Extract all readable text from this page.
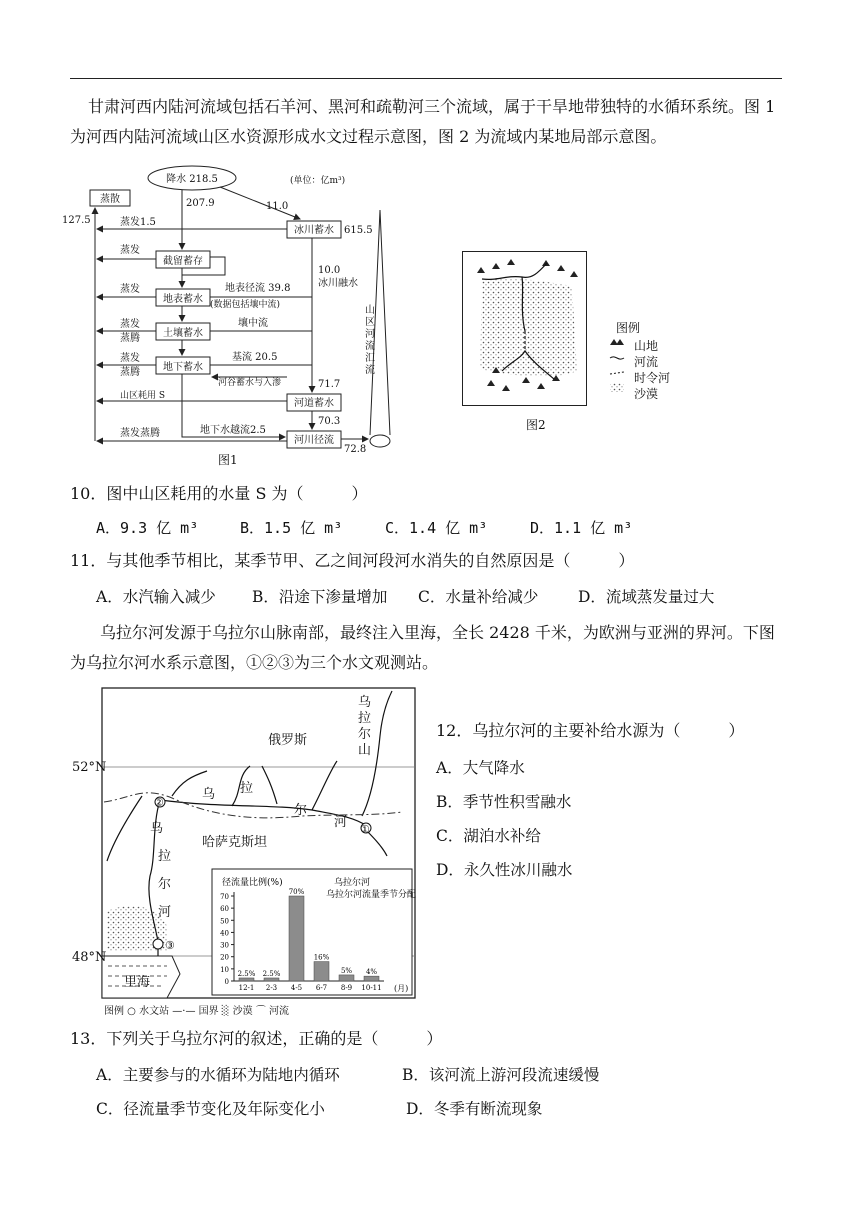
甘肃河西内陆河流域包括石羊河、黑河和疏勒河三个流域，属于干旱地带独特的水循环系统。图 1 为河西内陆河流域山区水资源形成水文过程示意图，图 2 为流域内某地局部示意图。
降水 218.5
蒸散
127.5
207.9	11.0
(单位：亿m³)
冰川蓄水 615.5
蒸发1.5
蒸发
截留蓄存
蒸发
地表蓄水
地表径流 39.8
(数据包括壤中流)
10.0
冰川融水
蒸发
蒸腾 土壤蓄水
壤中流
蒸发
蒸腾 地下蓄水
基流 20.5
河谷蓄水与入渗	71.7
山区耗用 S
河道蓄水
70.3
蒸发蒸腾	地下水越流2.5
河川径流
72.8
山
区
河
流
汇
流
图1
图例
山地
河流
时令河
沙漠
图2
10．图中山区耗用的水量 S 为（　　　）
A．9.3 亿 m³	B．1.5 亿 m³	C．1.4 亿 m³	D．1.1 亿 m³
11．与其他季节相比，某季节甲、乙之间河段河水消失的自然原因是（　　　）
A．水汽输入减少 B．沿途下渗量增加 C．水量补给减少	D．流域蒸发量过大
乌拉尔河发源于乌拉尔山脉南部，最终注入里海，全长 2428 千米，为欧洲与亚洲的界河。下图为乌拉尔河水系示意图，①②③为三个水文观测站。
52°N
48°N
俄罗斯
哈萨克斯坦
里海
乌
拉
尔
山
乌 拉
尔
河
乌
拉
尔
河
①
②
③
图例 ○ 水文站 —·— 国界 ░ 沙漠 ⌒ 河流
0
10
20
30
40
50
60
70
2.5%
12-1
2.5%
2-3
70%
4-5
16%
6-7
5%
8-9
4%
10-11
径流量比例(%)	乌拉尔河
乌拉尔河流量季节分配
(月)
12．乌拉尔河的主要补给水源为（　　　）
A．大气降水
B．季节性积雪融水
C．湖泊水补给
D．永久性冰川融水
13．下列关于乌拉尔河的叙述，正确的是（　　　）
A．主要参与的水循环为陆地内循环	B．该河流上游河段流速缓慢
C．径流量季节变化及年际变化小	D．冬季有断流现象
